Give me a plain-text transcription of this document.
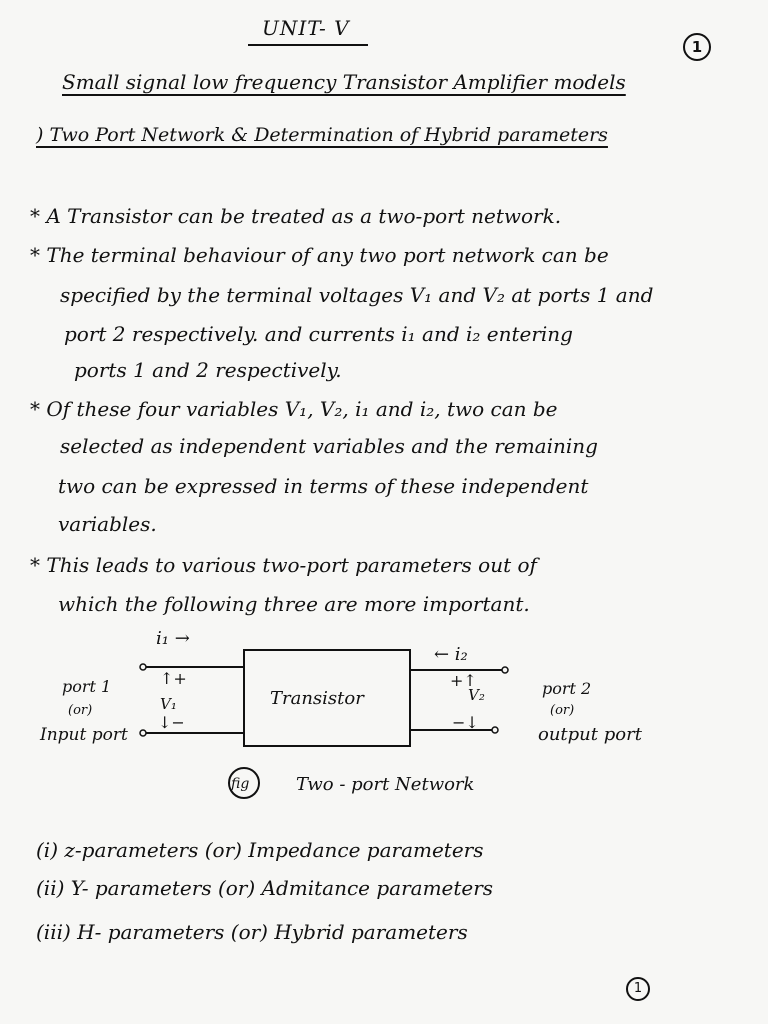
UNIT- V
1
Small signal low frequency Transistor Amplifier models
) Two Port Network & Determination of Hybrid parameters
* A Transistor can be treated as a two-port network.
* The terminal behaviour of any two port network can be
specified by the terminal voltages V₁ and V₂ at ports 1 and
port 2 respectively. and currents i₁ and i₂ entering
ports 1 and 2 respectively.
* Of these four variables V₁, V₂, i₁ and i₂, two can be
selected as independent variables and the remaining
two can be expressed in terms of these independent
variables.
* This leads to various two-port parameters out of
which the following three are more important.
Transistor
i₁ →
← i₂
↑+
V₁
↓−
+↑
V₂
−↓
port 1
(or)
Input port
port 2
(or)
output port
fig	Two - port Network
(i) z-parameters (or) Impedance parameters
(ii) Y- parameters (or) Admitance parameters
(iii) H- parameters (or) Hybrid parameters
1
